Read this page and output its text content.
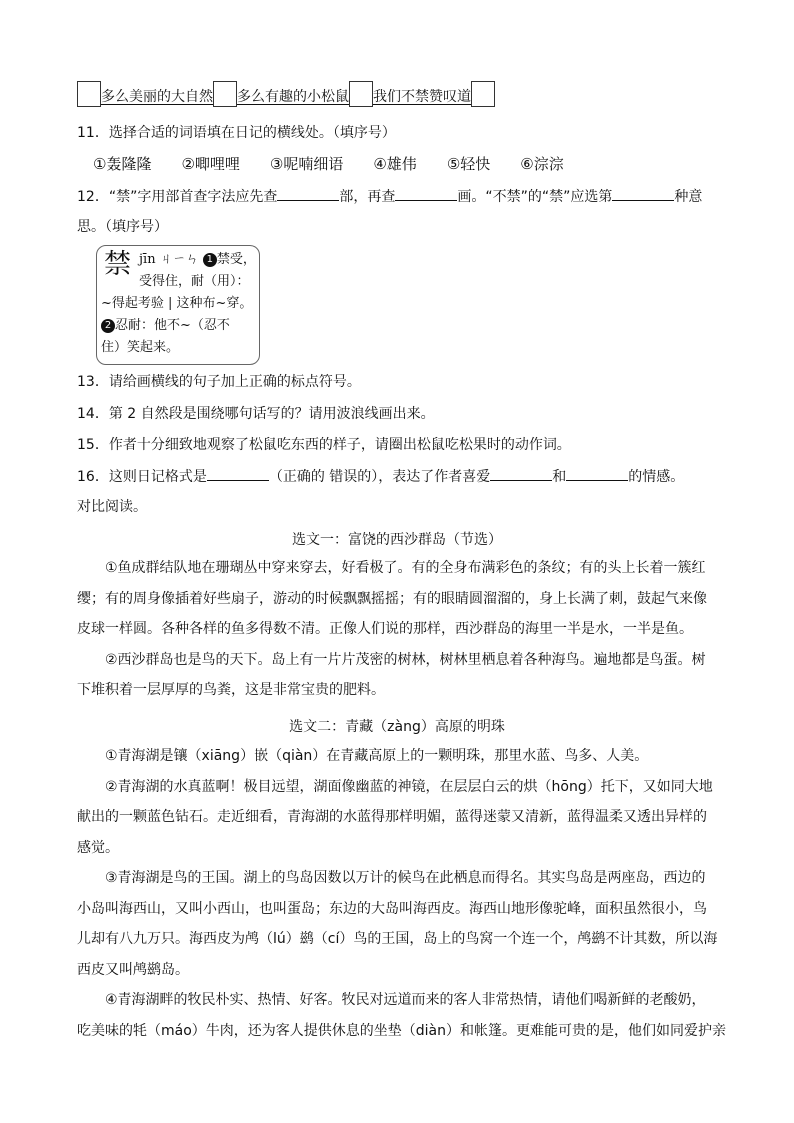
多么美丽的大自然 多么有趣的小松鼠 我们不禁赞叹道
11．选择合适的词语填在日记的横线处。（填序号）
①轰隆隆 ②唧哩哩 ③呢喃细语 ④雄伟 ⑤轻快 ⑥淙淙
12．“禁”字用部首查字法应先查	部，再查	画。“不禁”的“禁”应选第	种意
思。（填序号）
禁 jīn ㄐㄧㄣ 1 禁受，
受得住，耐（用）：
~得起考验 | 这种布~穿。
2 忍耐：他不~（忍不
住）笑起来。
13．请给画横线的句子加上正确的标点符号。
14．第 2 自然段是围绕哪句话写的？请用波浪线画出来。
15．作者十分细致地观察了松鼠吃东西的样子，请圈出松鼠吃松果时的动作词。
16．这则日记格式是	（正确的 错误的），表达了作者喜爱	和	的情感。
对比阅读。
选文一：富饶的西沙群岛（节选）
①鱼成群结队地在珊瑚丛中穿来穿去，好看极了。有的全身布满彩色的条纹；有的头上长着一簇红
缨；有的周身像插着好些扇子，游动的时候飘飘摇摇；有的眼睛圆溜溜的，身上长满了刺，鼓起气来像
皮球一样圆。各种各样的鱼多得数不清。正像人们说的那样，西沙群岛的海里一半是水，一半是鱼。
②西沙群岛也是鸟的天下。岛上有一片片茂密的树林，树林里栖息着各种海鸟。遍地都是鸟蛋。树
下堆积着一层厚厚的鸟粪，这是非常宝贵的肥料。
选文二：青藏（zàng）高原的明珠
①青海湖是镶（xiāng）嵌（qiàn）在青藏高原上的一颗明珠，那里水蓝、鸟多、人美。
②青海湖的水真蓝啊！极目远望，湖面像幽蓝的神镜，在层层白云的烘（hōng）托下，又如同大地
献出的一颗蓝色钻石。走近细看，青海湖的水蓝得那样明媚，蓝得迷蒙又清新，蓝得温柔又透出异样的
感觉。
③青海湖是鸟的王国。湖上的鸟岛因数以万计的候鸟在此栖息而得名。其实鸟岛是两座岛，西边的
小岛叫海西山，又叫小西山，也叫蛋岛；东边的大岛叫海西皮。海西山地形像驼峰，面积虽然很小，鸟
儿却有八九万只。海西皮为鸬（lú）鹚（cí）鸟的王国，岛上的鸟窝一个连一个，鸬鹚不计其数，所以海
西皮又叫鸬鹚岛。
④青海湖畔的牧民朴实、热情、好客。牧民对远道而来的客人非常热情，请他们喝新鲜的老酸奶，
吃美味的牦（máo）牛肉，还为客人提供休息的坐垫（diàn）和帐篷。更难能可贵的是，他们如同爱护亲
